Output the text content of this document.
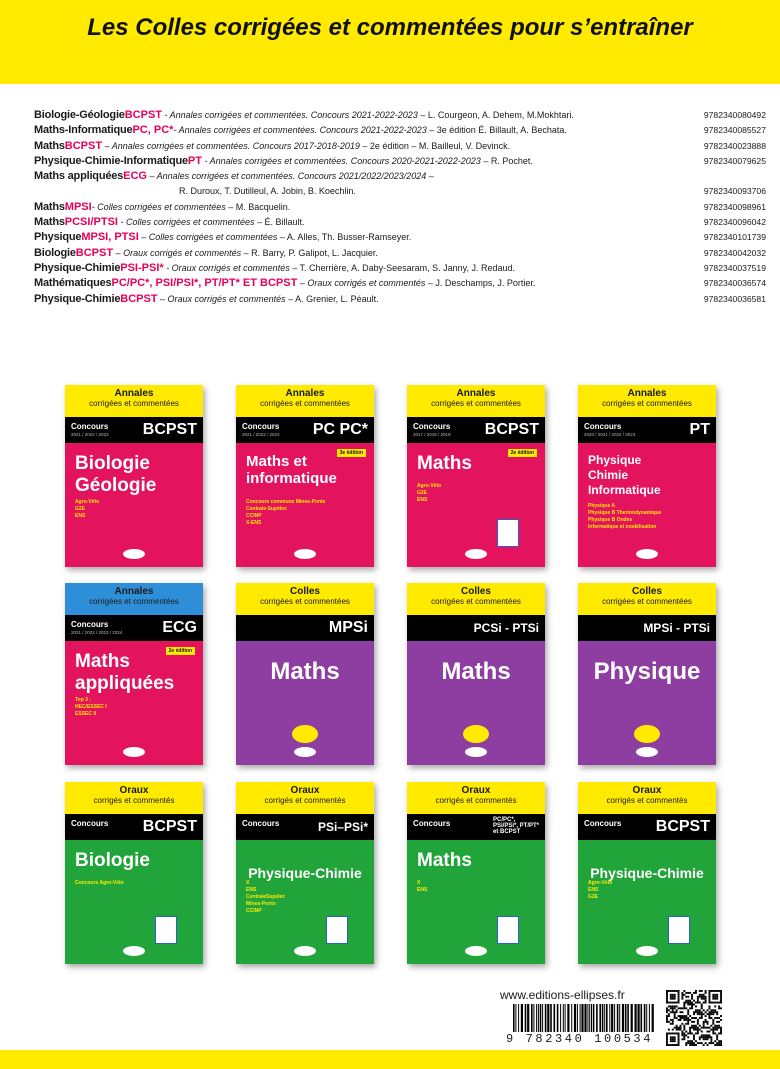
Les Colles corrigées et commentées pour s’entraîner
Biologie-GéologieBCPST - Annales corrigées et commentées. Concours 2021-2022-2023 – L. Courgeon, A. Dehem, M.Mokhtari.	9782340080492
Maths-InformatiquePC, PC*- Annales corrigées et commentées. Concours 2021-2022-2023 – 3e édition É. Billault, A. Bechata.	9782340085527
MathsBCPST – Annales corrigées et commentées. Concours 2017-2018-2019 – 2e édition – M. Bailleul, V. Devinck.	9782340023888
Physique-Chimie-InformatiquePT - Annales corrigées et commentées. Concours 2020-2021-2022-2023 – R. Pochet.	9782340079625
Maths appliquéesECG – Annales corrigées et commentées. Concours 2021/2022/2023/2024 –
R. Duroux, T. Dutilleul, A. Jobin, B. Koechlin.	9782340093706
MathsMPSI- Colles corrigées et commentées – M. Bacquelin.	9782340098961
MathsPCSI/PTSI - Colles corrigées et commentées – É. Billault.	9782340096042
PhysiqueMPSI, PTSI – Colles corrigées et commentées – A. Alles, Th. Busser-Ramseyer.	9782340101739
BiologieBCPST – Oraux corrigés et commentés – R. Barry, P. Galipot, L. Jacquier.	9782340042032
Physique-ChimiePSI-PSI* - Oraux corrigés et commentés – T. Cherrière, A. Daby-Seesaram, S. Janny, J. Redaud.	9782340037519
MathématiquesPC/PC*, PSI/PSI*, PT/PT* ET BCPST – Oraux corrigés et commentés – J. Deschamps, J. Portier.	9782340036574
Physique-ChimieBCPST – Oraux corrigés et commentés – A. Grenier, L. Péault.	9782340036581
Annales
corrigées et commentées
Concours
2021 / 2022 / 2023 BCPST
Biologie
Géologie
Agro-Véto
G2E
ENS
Annales
corrigées et commentées
Concours
2021 / 2022 / 2023 PC PC*
Maths et
informatique
3e édition
Concours communs Mines-Ponts
Centrale-Supélec
CCINP
X-ENS
Annales
corrigées et commentées
Concours
2017 / 2018 / 2019 BCPST
Maths	2e édition
Agro-Véto
G2E
ENS
Annales
corrigées et commentées
Concours
2020 / 2021 / 2022 / 2023	PT
Physique
Chimie
Informatique
Physique A
Physique B Thermodynamique
Physique B Ondes
Informatique et modélisation
Annales
corrigées et commentées
Concours
2021 / 2022 / 2023 / 2024	ECG
Maths
appliquées
2e édition
Top 3 :
HEC/ESSEC I
ESSEC II
Colles
corrigées et commentées
MPSi
Maths
Colles
corrigées et commentées
PCSi - PTSi
Maths
Colles
corrigées et commentées
MPSi - PTSi
Physique
Oraux
corrigés et commentés
Concours BCPST
Biologie
Concours Agro-Véto
Oraux
corrigés et commentés
Concours	PSi–PSi*
Physique-Chimie
X
ENS
CentraleSupélec
Mines-Ponts
CCINP
Oraux
corrigés et commentés
Concours	PC/PC*,
PSi/PSi*, PT/PT*
et BCPST
Maths
X
ENS
Oraux
corrigés et commentés
Concours BCPST
Physique-Chimie
Agro-Véto
ENS
G2E
www.editions-ellipses.fr
9 782340 100534
